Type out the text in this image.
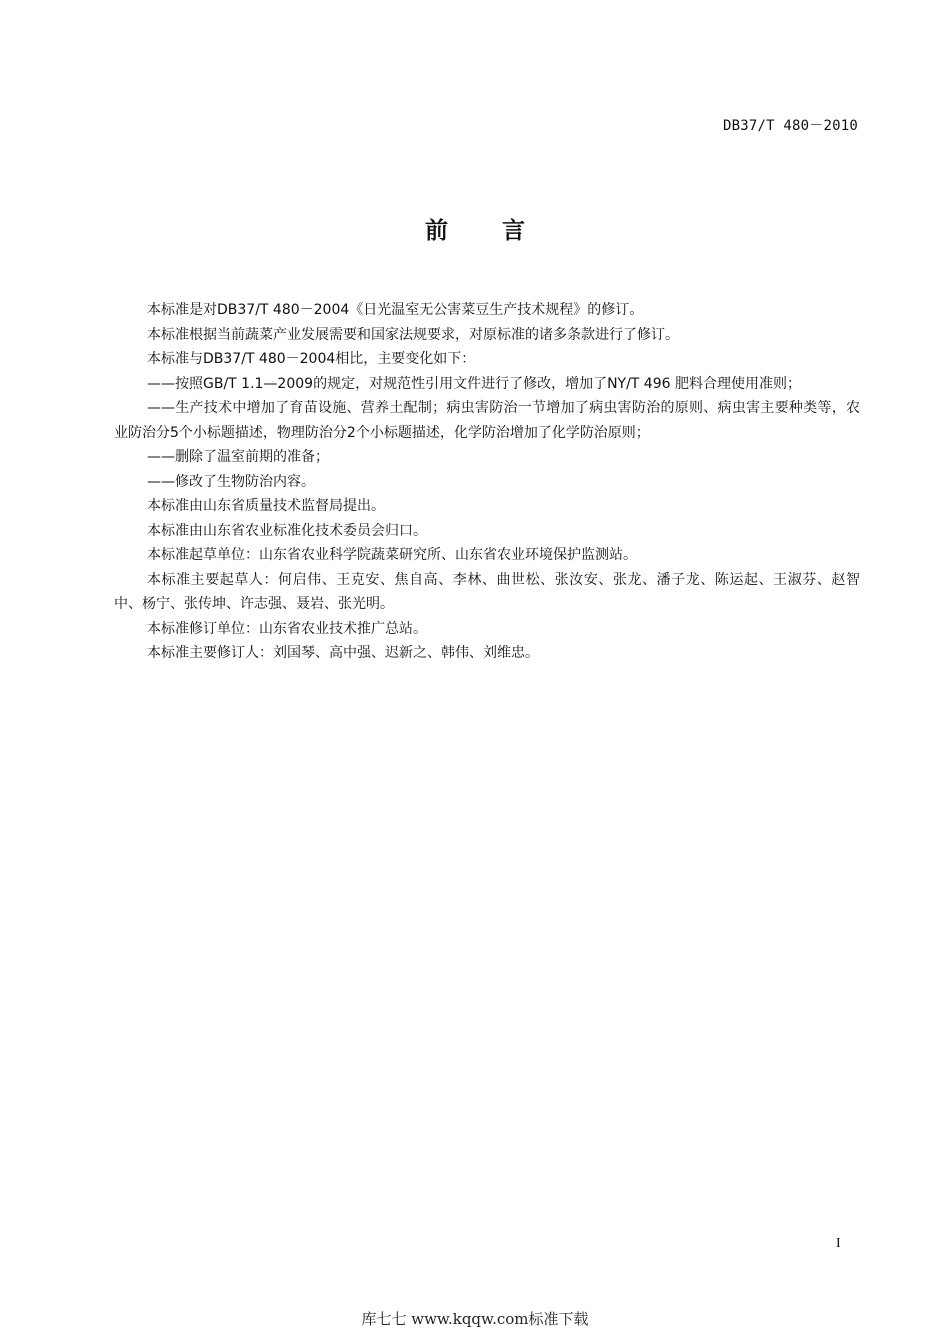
DB37/T 480－2010
前言

本标准是对DB37/T 480－2004《日光温室无公害菜豆生产技术规程》的修订。

本标准根据当前蔬菜产业发展需要和国家法规要求，对原标准的诸多条款进行了修订。

本标准与DB37/T 480－2004相比，主要变化如下：

——按照GB/T 1.1—2009的规定，对规范性引用文件进行了修改，增加了NY/T 496 肥料合理使用准则；

——生产技术中增加了育苗设施、营养土配制；病虫害防治一节增加了病虫害防治的原则、病虫害主要种类等，农业防治分5个小标题描述，物理防治分2个小标题描述，化学防治增加了化学防治原则；

——删除了温室前期的准备；

——修改了生物防治内容。

本标准由山东省质量技术监督局提出。

本标准由山东省农业标准化技术委员会归口。

本标准起草单位：山东省农业科学院蔬菜研究所、山东省农业环境保护监测站。

本标准主要起草人：何启伟、王克安、焦自高、李林、曲世松、张汝安、张龙、潘子龙、陈运起、王淑芬、赵智中、杨宁、张传坤、许志强、聂岩、张光明。

本标准修订单位：山东省农业技术推广总站。

本标准主要修订人：刘国琴、高中强、迟新之、韩伟、刘维忠。

I
库七七 www.kqqw.com标准下载
